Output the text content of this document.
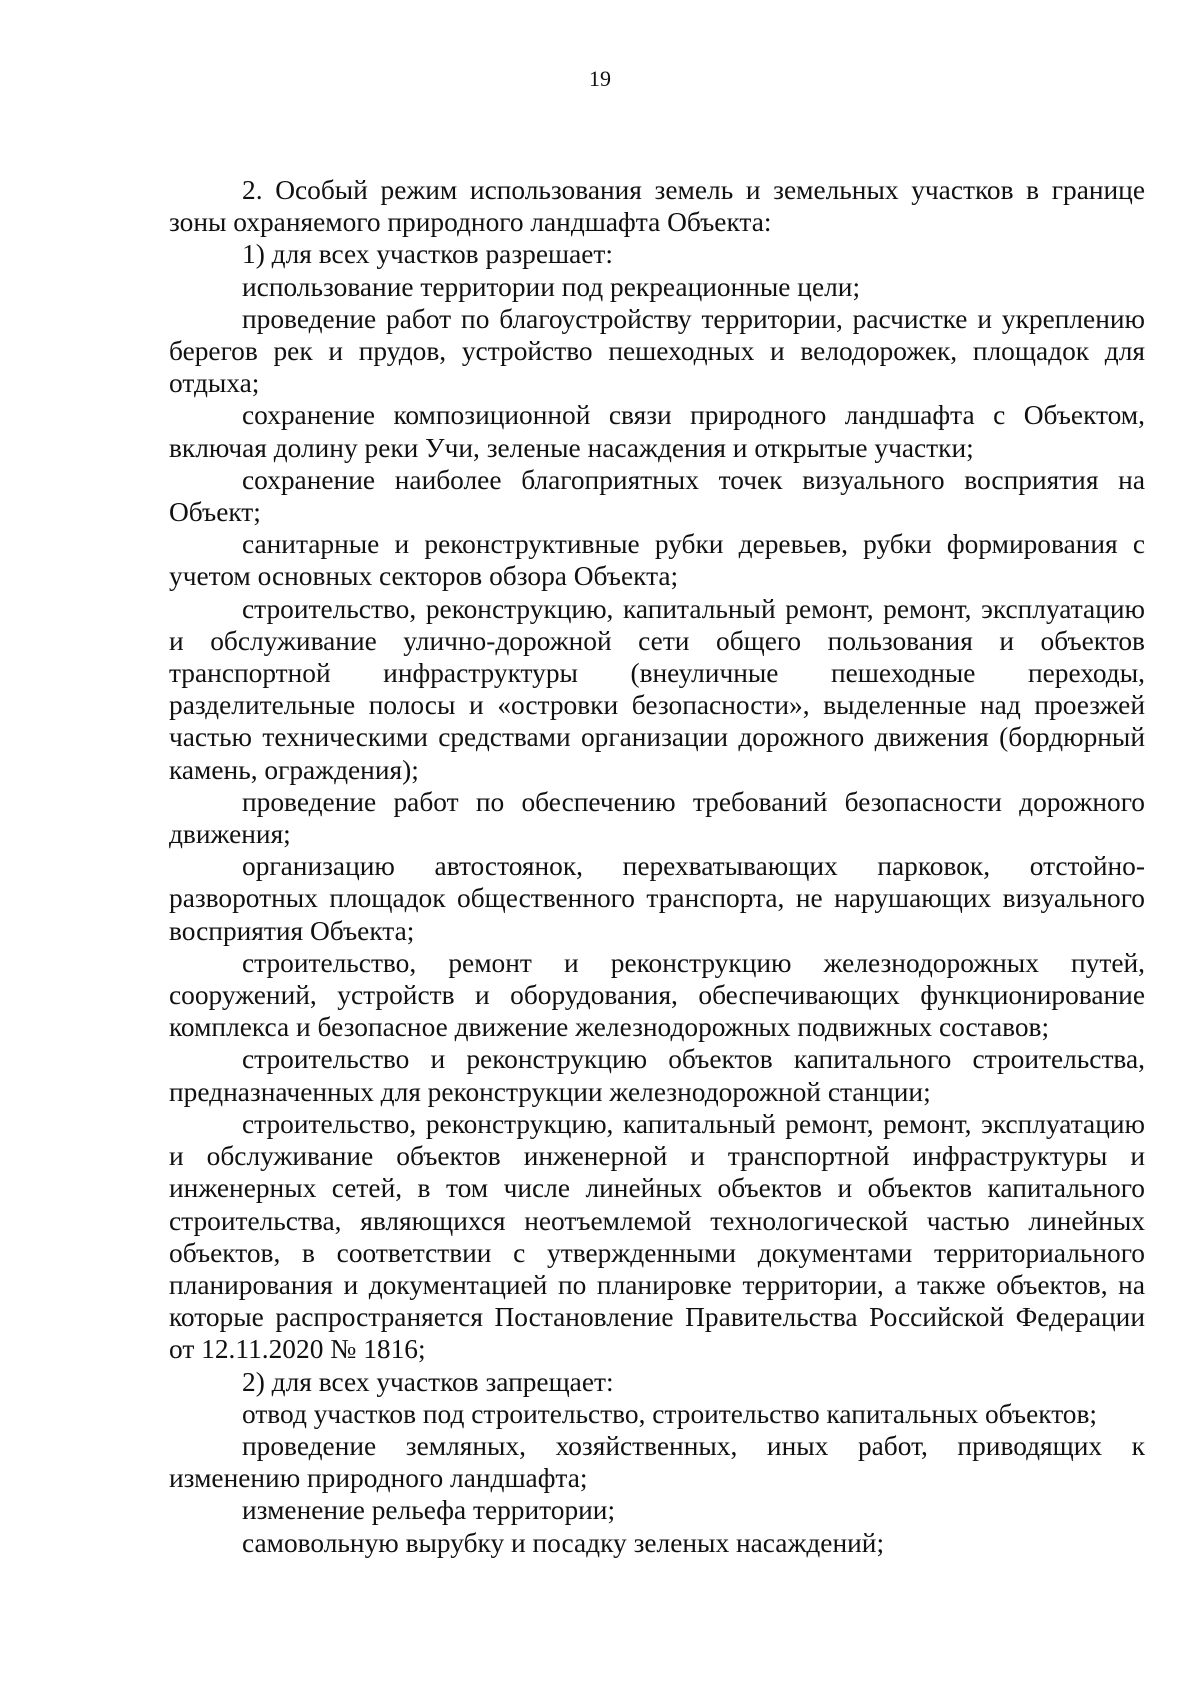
19

2. Особый режим использования земель и земельных участков в границе зоны охраняемого природного ландшафта Объекта:

1) для всех участков разрешает:

использование территории под рекреационные цели;

проведение работ по благоустройству территории, расчистке и укреплению берегов рек и прудов, устройство пешеходных и велодорожек, площадок для отдыха;

сохранение композиционной связи природного ландшафта с Объектом, включая долину реки Учи, зеленые насаждения и открытые участки;

сохранение наиболее благоприятных точек визуального восприятия на Объект;

санитарные и реконструктивные рубки деревьев, рубки формирования с учетом основных секторов обзора Объекта;

строительство, реконструкцию, капитальный ремонт, ремонт, эксплуатацию и обслуживание улично-дорожной сети общего пользования и объектов транспортной инфраструктуры (внеуличные пешеходные переходы, разделительные полосы и «островки безопасности», выделенные над проезжей частью техническими средствами организации дорожного движения (бордюрный камень, ограждения);

проведение работ по обеспечению требований безопасности дорожного движения;

организацию автостоянок, перехватывающих парковок, отстойно-разворотных площадок общественного транспорта, не нарушающих визуального восприятия Объекта;

строительство, ремонт и реконструкцию железнодорожных путей, сооружений, устройств и оборудования, обеспечивающих функционирование комплекса и безопасное движение железнодорожных подвижных составов;

строительство и реконструкцию объектов капитального строительства, предназначенных для реконструкции железнодорожной станции;

строительство, реконструкцию, капитальный ремонт, ремонт, эксплуатацию и обслуживание объектов инженерной и транспортной инфраструктуры и инженерных сетей, в том числе линейных объектов и объектов капитального строительства, являющихся неотъемлемой технологической частью линейных объектов, в соответствии с утвержденными документами территориального планирования и документацией по планировке территории, а также объектов, на которые распространяется Постановление Правительства Российской Федерации от 12.11.2020 № 1816;

2) для всех участков запрещает:

отвод участков под строительство, строительство капитальных объектов;

проведение земляных, хозяйственных, иных работ, приводящих к изменению природного ландшафта;

изменение рельефа территории;

самовольную вырубку и посадку зеленых насаждений;
